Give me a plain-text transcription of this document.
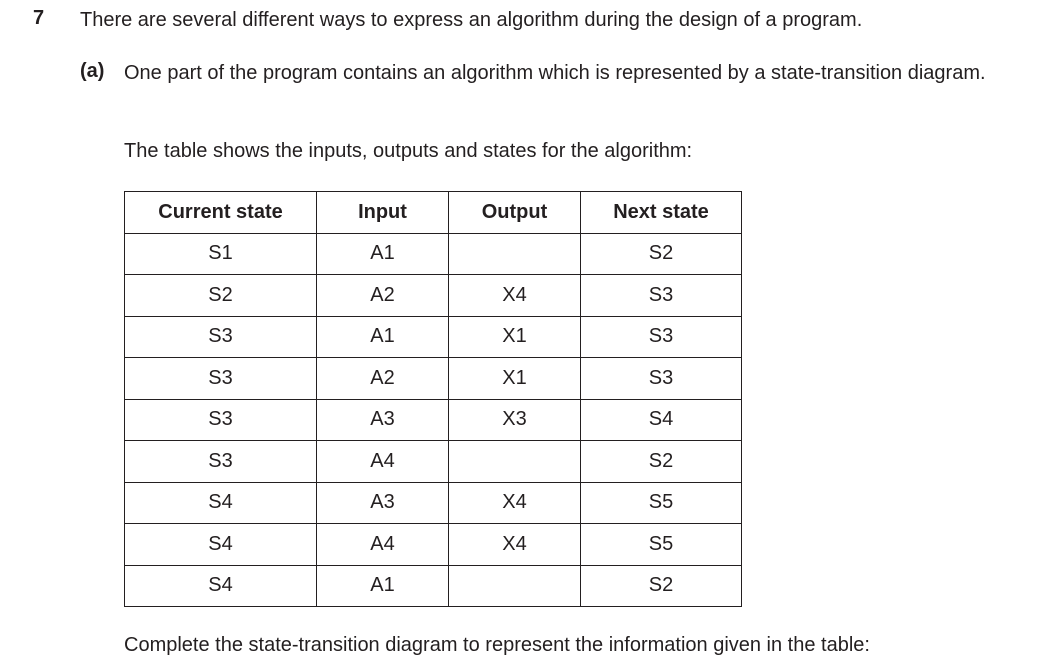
7 There are several different ways to express an algorithm during the design of a program.
(a) One part of the program contains an algorithm which is represented by a state-transition diagram.
The table shows the inputs, outputs and states for the algorithm:
Current state	Input	Output	Next state
S1	A1		S2
S2	A2	X4	S3
S3	A1	X1	S3
S3	A2	X1	S3
S3	A3	X3	S4
S3	A4		S2
S4	A3	X4	S5
S4	A4	X4	S5
S4	A1		S2
Complete the state-transition diagram to represent the information given in the table:
